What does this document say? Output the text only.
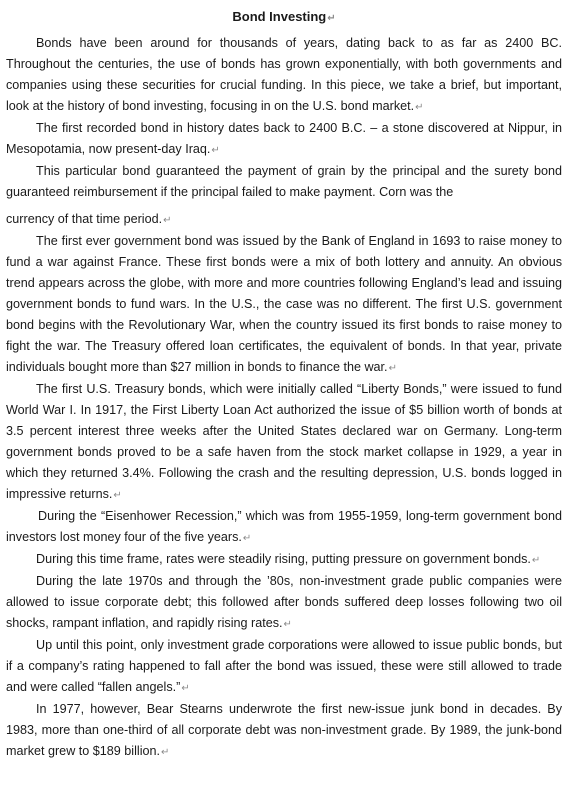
Bond Investing↵

Bonds have been around for thousands of years, dating back to as far as 2400 BC. Throughout the centuries, the use of bonds has grown exponentially, with both governments and companies using these securities for crucial funding. In this piece, we take a brief, but important, look at the history of bond investing, focusing in on the U.S. bond market.↵

The first recorded bond in history dates back to 2400 B.C. – a stone discovered at Nippur, in Mesopotamia, now present-day Iraq.↵

This particular bond guaranteed the payment of grain by the principal and the surety bond guaranteed reimbursement if the principal failed to make payment. Corn was the

currency of that time period.↵

The first ever government bond was issued by the Bank of England in 1693 to raise money to fund a war against France. These first bonds were a mix of both lottery and annuity. An obvious trend appears across the globe, with more and more countries following England’s lead and issuing government bonds to fund wars. In the U.S., the case was no different. The first U.S. government bond begins with the Revolutionary War, when the country issued its first bonds to raise money to fight the war. The Treasury offered loan certificates, the equivalent of bonds. In that year, private individuals bought more than $27 million in bonds to finance the war.↵

The first U.S. Treasury bonds, which were initially called “Liberty Bonds,” were issued to fund World War I. In 1917, the First Liberty Loan Act authorized the issue of $5 billion worth of bonds at 3.5 percent interest three weeks after the United States declared war on Germany. Long-term government bonds proved to be a safe haven from the stock market collapse in 1929, a year in which they returned 3.4%. Following the crash and the resulting depression, U.S. bonds logged in impressive returns.↵

During the “Eisenhower Recession,” which was from 1955-1959, long-term government bond investors lost money four of the five years.↵

During this time frame, rates were steadily rising, putting pressure on government bonds.↵

During the late 1970s and through the ’80s, non-investment grade public companies were allowed to issue corporate debt; this followed after bonds suffered deep losses following two oil shocks, rampant inflation, and rapidly rising rates.↵

Up until this point, only investment grade corporations were allowed to issue public bonds, but if a company’s rating happened to fall after the bond was issued, these were still allowed to trade and were called “fallen angels.”↵

In 1977, however, Bear Stearns underwrote the first new-issue junk bond in decades. By 1983, more than one-third of all corporate debt was non-investment grade. By 1989, the junk-bond market grew to $189 billion.↵
